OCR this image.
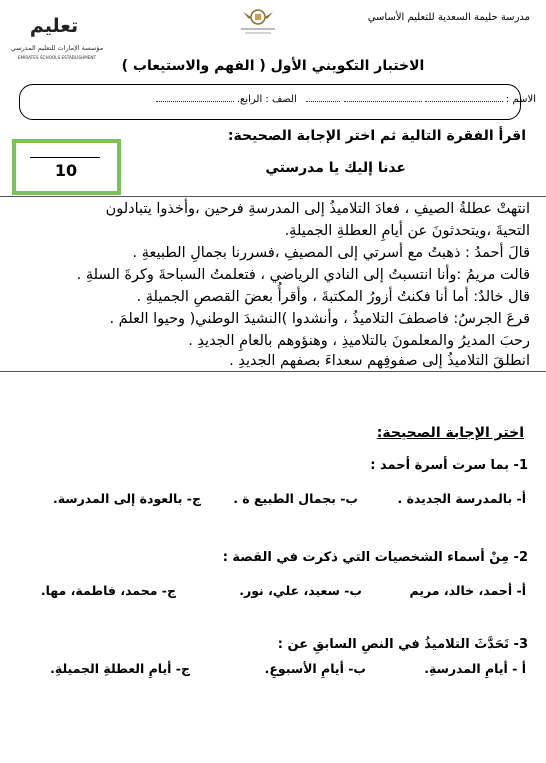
تعليم
مؤسسة الإمارات للتعليم المدرسي
EMIRATES SCHOOLS ESTABLISHMENT
مدرسة حليمة السعدية للتعليم الأساسي
الاختبار التكويني الأول ( الفهم والاستيعاب )
الاسم :      الصف : الرابع.
اقرأ الفقرة التالية ثم اختر الإجابة الصحيحة:
10	عدنا إليك يا مدرستي
انتهتْ عطلةُ الصيفِ ، فعادَ التلاميذُ إلى المدرسةِ فرحين ،وأخذوا يتبادلون
التحيةَ ،ويتحدثونَ عن أيامِ العطلةِ الجميلةِ.
قالَ أحمدُ : ذهبتُ مع أسرتي إلى المصيفِ ،فسررنا بجمالِ الطبيعةِ .
قالت مريمُ :وأنا انتسبتُ إلى النادي الرياضي ، فتعلمتُ السباحةَ وكرةَ السلةِ .
قال خالدٌ: أما أنا فكنتُ أزورُ المكتبةَ ، وأقرأُ بعضَ القصصِ الجميلةِ .
قرعَ الجرسُ: فاصطفَ التلاميذُ ، وأنشدوا )النشيدَ الوطني( وحيوا العلمَ .
رحبَ المديرُ والمعلمونَ بالتلاميذِ ، وهنؤوهم بالعامِ الجديدِ .
انطلقَ التلاميذُ إلى صفوفِهم سعداءَ بصفهم الجديدِ .
اختر الإجابة الصحيحة:
1- بما سرت أسرة أحمد :
أ- بالمدرسة الجديدة .
ب- بجمال الطبيع ة .
ج- بالعودة إلى المدرسة.
2- مِنْ أسماء الشخصيات التي ذكرت في القصة :
أ- أحمد، خالد، مريم
ب- سعيد، علي، نور.
ج- محمد، فاطمة، مها.
3- تَحَدَّثَ التلاميذُ في النصِ السابقِ عن :
أ - أيامِ المدرسةِ.
ب- أيامِ الأسبوعِ.
ج- أيامِ العطلةِ الجميلةِ.
